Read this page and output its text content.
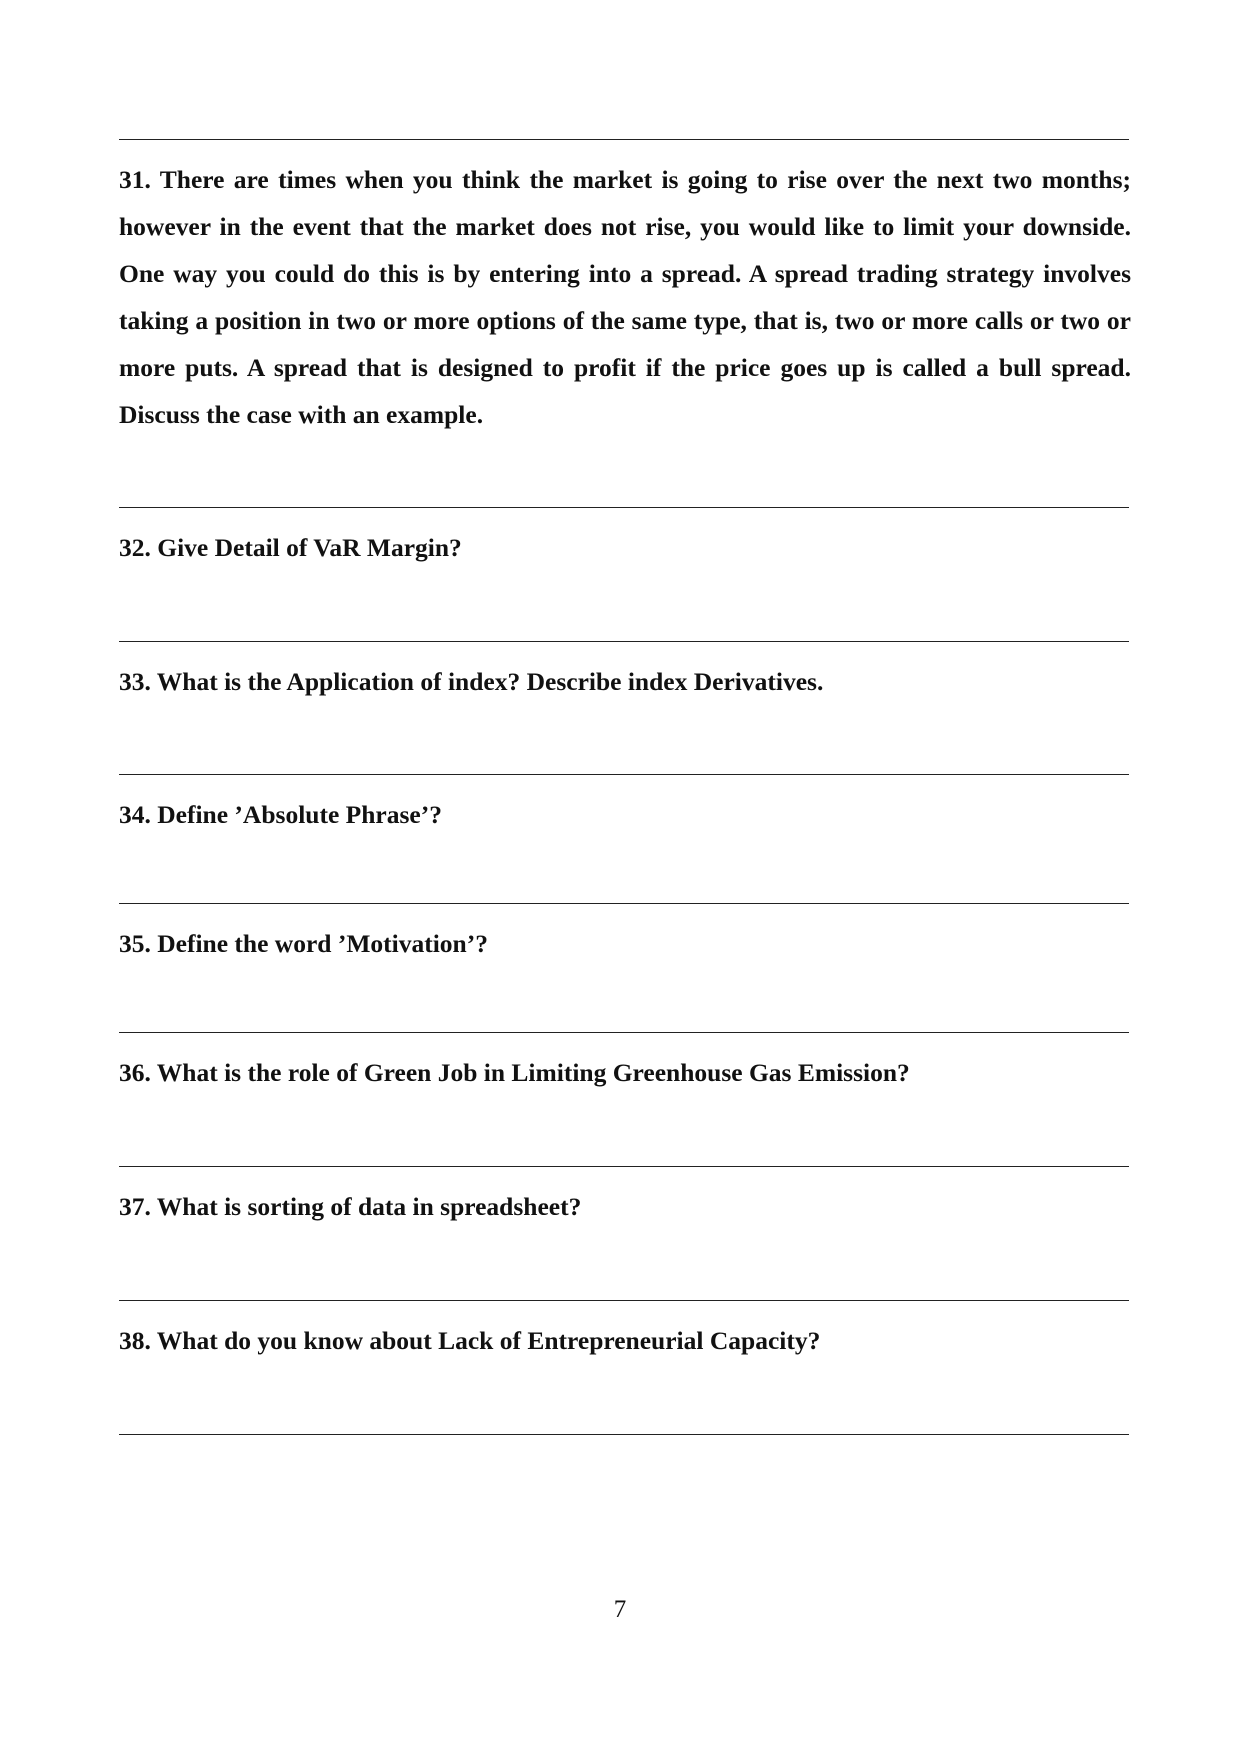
31. There are times when you think the market is going to rise over the next two months; however in the event that the market does not rise, you would like to limit your downside. One way you could do this is by entering into a spread. A spread trading strategy involves taking a position in two or more options of the same type, that is, two or more calls or two or more puts. A spread that is designed to profit if the price goes up is called a bull spread. Discuss the case with an example.

32. Give Detail of VaR Margin?

33. What is the Application of index? Describe index Derivatives.

34. Define ’Absolute Phrase’?

35. Define the word ’Motivation’?

36. What is the role of Green Job in Limiting Greenhouse Gas Emission?

37. What is sorting of data in spreadsheet?

38. What do you know about Lack of Entrepreneurial Capacity?

7
